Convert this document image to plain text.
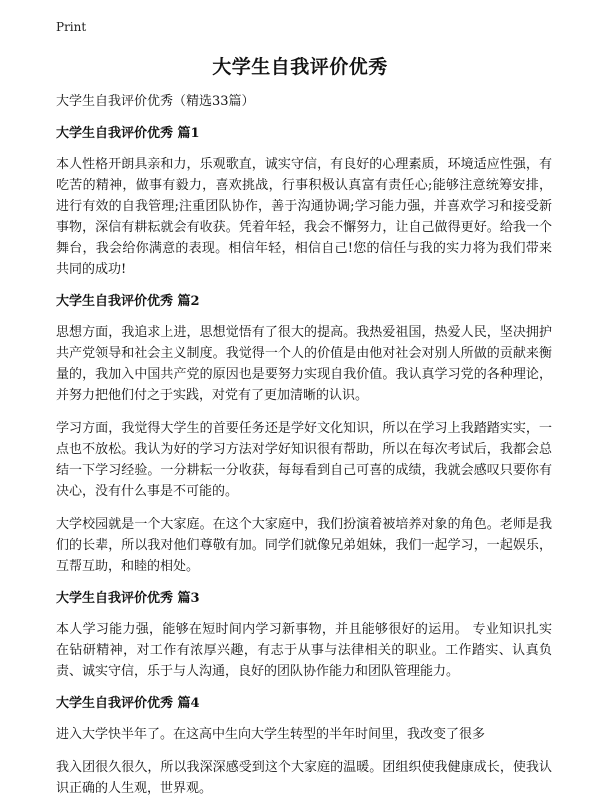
Print
大学生自我评价优秀

大学生自我评价优秀（精选33篇）

大学生自我评价优秀 篇1

本人性格开朗具亲和力，乐观歌直，诚实守信，有良好的心理素质，环境适应性强，有吃苦的精神，做事有毅力，喜欢挑战，行事积极认真富有责任心;能够注意统筹安排，进行有效的自我管理;注重团队协作，善于沟通协调;学习能力强，并喜欢学习和接受新事物，深信有耕耘就会有收获。凭着年轻，我会不懈努力，让自己做得更好。给我一个舞台，我会给你满意的表现。相信年轻，相信自己!您的信任与我的实力将为我们带来共同的成功!

大学生自我评价优秀 篇2

思想方面，我追求上进，思想觉悟有了很大的提高。我热爱祖国，热爱人民，坚决拥护共产党领导和社会主义制度。我觉得一个人的价值是由他对社会对别人所做的贡献来衡量的，我加入中国共产党的原因也是要努力实现自我价值。我认真学习党的各种理论，并努力把他们付之于实践，对党有了更加清晰的认识。

学习方面，我觉得大学生的首要任务还是学好文化知识，所以在学习上我踏踏实实，一点也不放松。我认为好的学习方法对学好知识很有帮助，所以在每次考试后，我都会总结一下学习经验。一分耕耘一分收获，每每看到自己可喜的成绩，我就会感叹只要你有决心，没有什么事是不可能的。

大学校园就是一个大家庭。在这个大家庭中，我们扮演着被培养对象的角色。老师是我们的长辈，所以我对他们尊敬有加。同学们就像兄弟姐妹，我们一起学习，一起娱乐，互帮互助，和睦的相处。

大学生自我评价优秀 篇3

本人学习能力强，能够在短时间内学习新事物，并且能够很好的运用。 专业知识扎实在钻研精神，对工作有浓厚兴趣，有志于从事与法律相关的职业。工作踏实、认真负责、诚实守信，乐于与人沟通，良好的团队协作能力和团队管理能力。

大学生自我评价优秀 篇4

进入大学快半年了。在这高中生向大学生转型的半年时间里，我改变了很多

我入团很久很久，所以我深深感受到这个大家庭的温暖。团组织使我健康成长，使我认识正确的人生观，世界观。
